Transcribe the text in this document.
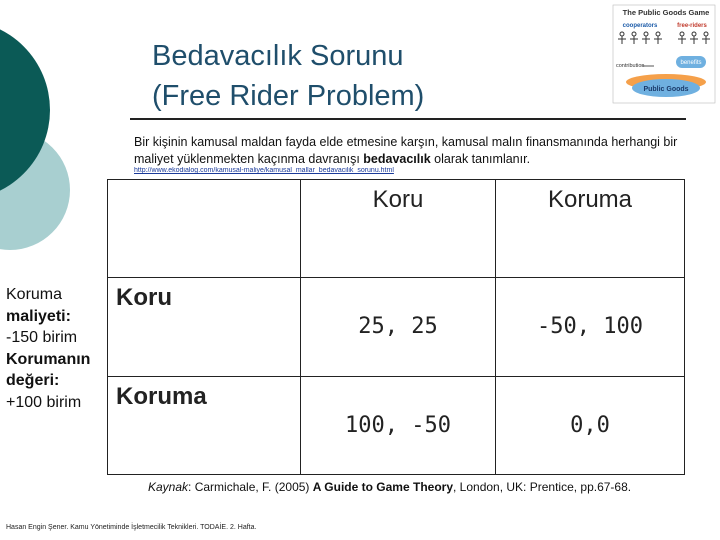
Bedavacılık Sorunu
(Free Rider Problem)
Bir kişinin kamusal maldan fayda elde etmesine karşın, kamusal malın finansmanında herhangi bir maliyet yüklenmekten kaçınma davranışı bedavacılık olarak tanımlanır.
http://www.ekodialog.com/kamusal-maliye/kamusal_mallar_bedavacilik_sorunu.html
The Public Goods Game
cooperators	free-riders
benefits
contribution
Public Goods
	Koru	Koruma
Koru	25, 25	-50, 100
Koruma	100, -50	0,0
Koruma
maliyeti:
-150 birim
Korumanın
değeri:
+100 birim
Kaynak: Carmichale, F. (2005) A Guide to Game Theory, London, UK: Prentice, pp.67-68.
Hasan Engin Şener. Kamu Yönetiminde İşletmecilik Teknikleri. TODAİE. 2. Hafta.
